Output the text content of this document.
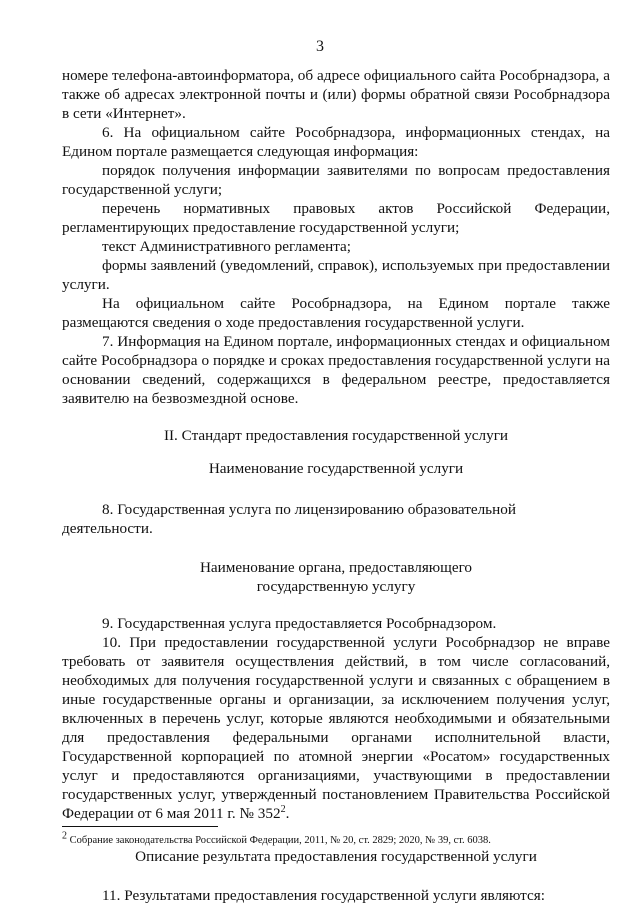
3

номере телефона-автоинформатора, об адресе официального сайта Рособрнадзора, а также об адресах электронной почты и (или) формы обратной связи Рособрнадзора в сети «Интернет».

6. На официальном сайте Рособрнадзора, информационных стендах, на Едином портале размещается следующая информация:

порядок получения информации заявителями по вопросам предоставления государственной услуги;

перечень нормативных правовых актов Российской Федерации, регламентирующих предоставление государственной услуги;

текст Административного регламента;

формы заявлений (уведомлений, справок), используемых при предоставлении услуги.

На официальном сайте Рособрнадзора, на Едином портале также размещаются сведения о ходе предоставления государственной услуги.

7. Информация на Едином портале, информационных стендах и официальном сайте Рособрнадзора о порядке и сроках предоставления государственной услуги на основании сведений, содержащихся в федеральном реестре, предоставляется заявителю на безвозмездной основе.

II. Стандарт предоставления государственной услуги

Наименование государственной услуги

8. Государственная услуга по лицензированию образовательной деятельности.

Наименование органа, предоставляющего
государственную услугу

9. Государственная услуга предоставляется Рособрнадзором.

10. При предоставлении государственной услуги Рособрнадзор не вправе требовать от заявителя осуществления действий, в том числе согласований, необходимых для получения государственной услуги и связанных с обращением в иные государственные органы и организации, за исключением получения услуг, включенных в перечень услуг, которые являются необходимыми и обязательными для предоставления федеральными органами исполнительной власти, Государственной корпорацией по атомной энергии «Росатом» государственных услуг и предоставляются организациями, участвующими в предоставлении государственных услуг, утвержденный постановлением Правительства Российской Федерации от 6 мая 2011 г. № $352^2$.

Описание результата предоставления государственной услуги

11. Результатами предоставления государственной услуги являются:

$^2$ Собрание законодательства Российской Федерации, 2011, № 20, ст. 2829; 2020, № 39, ст. 6038.
